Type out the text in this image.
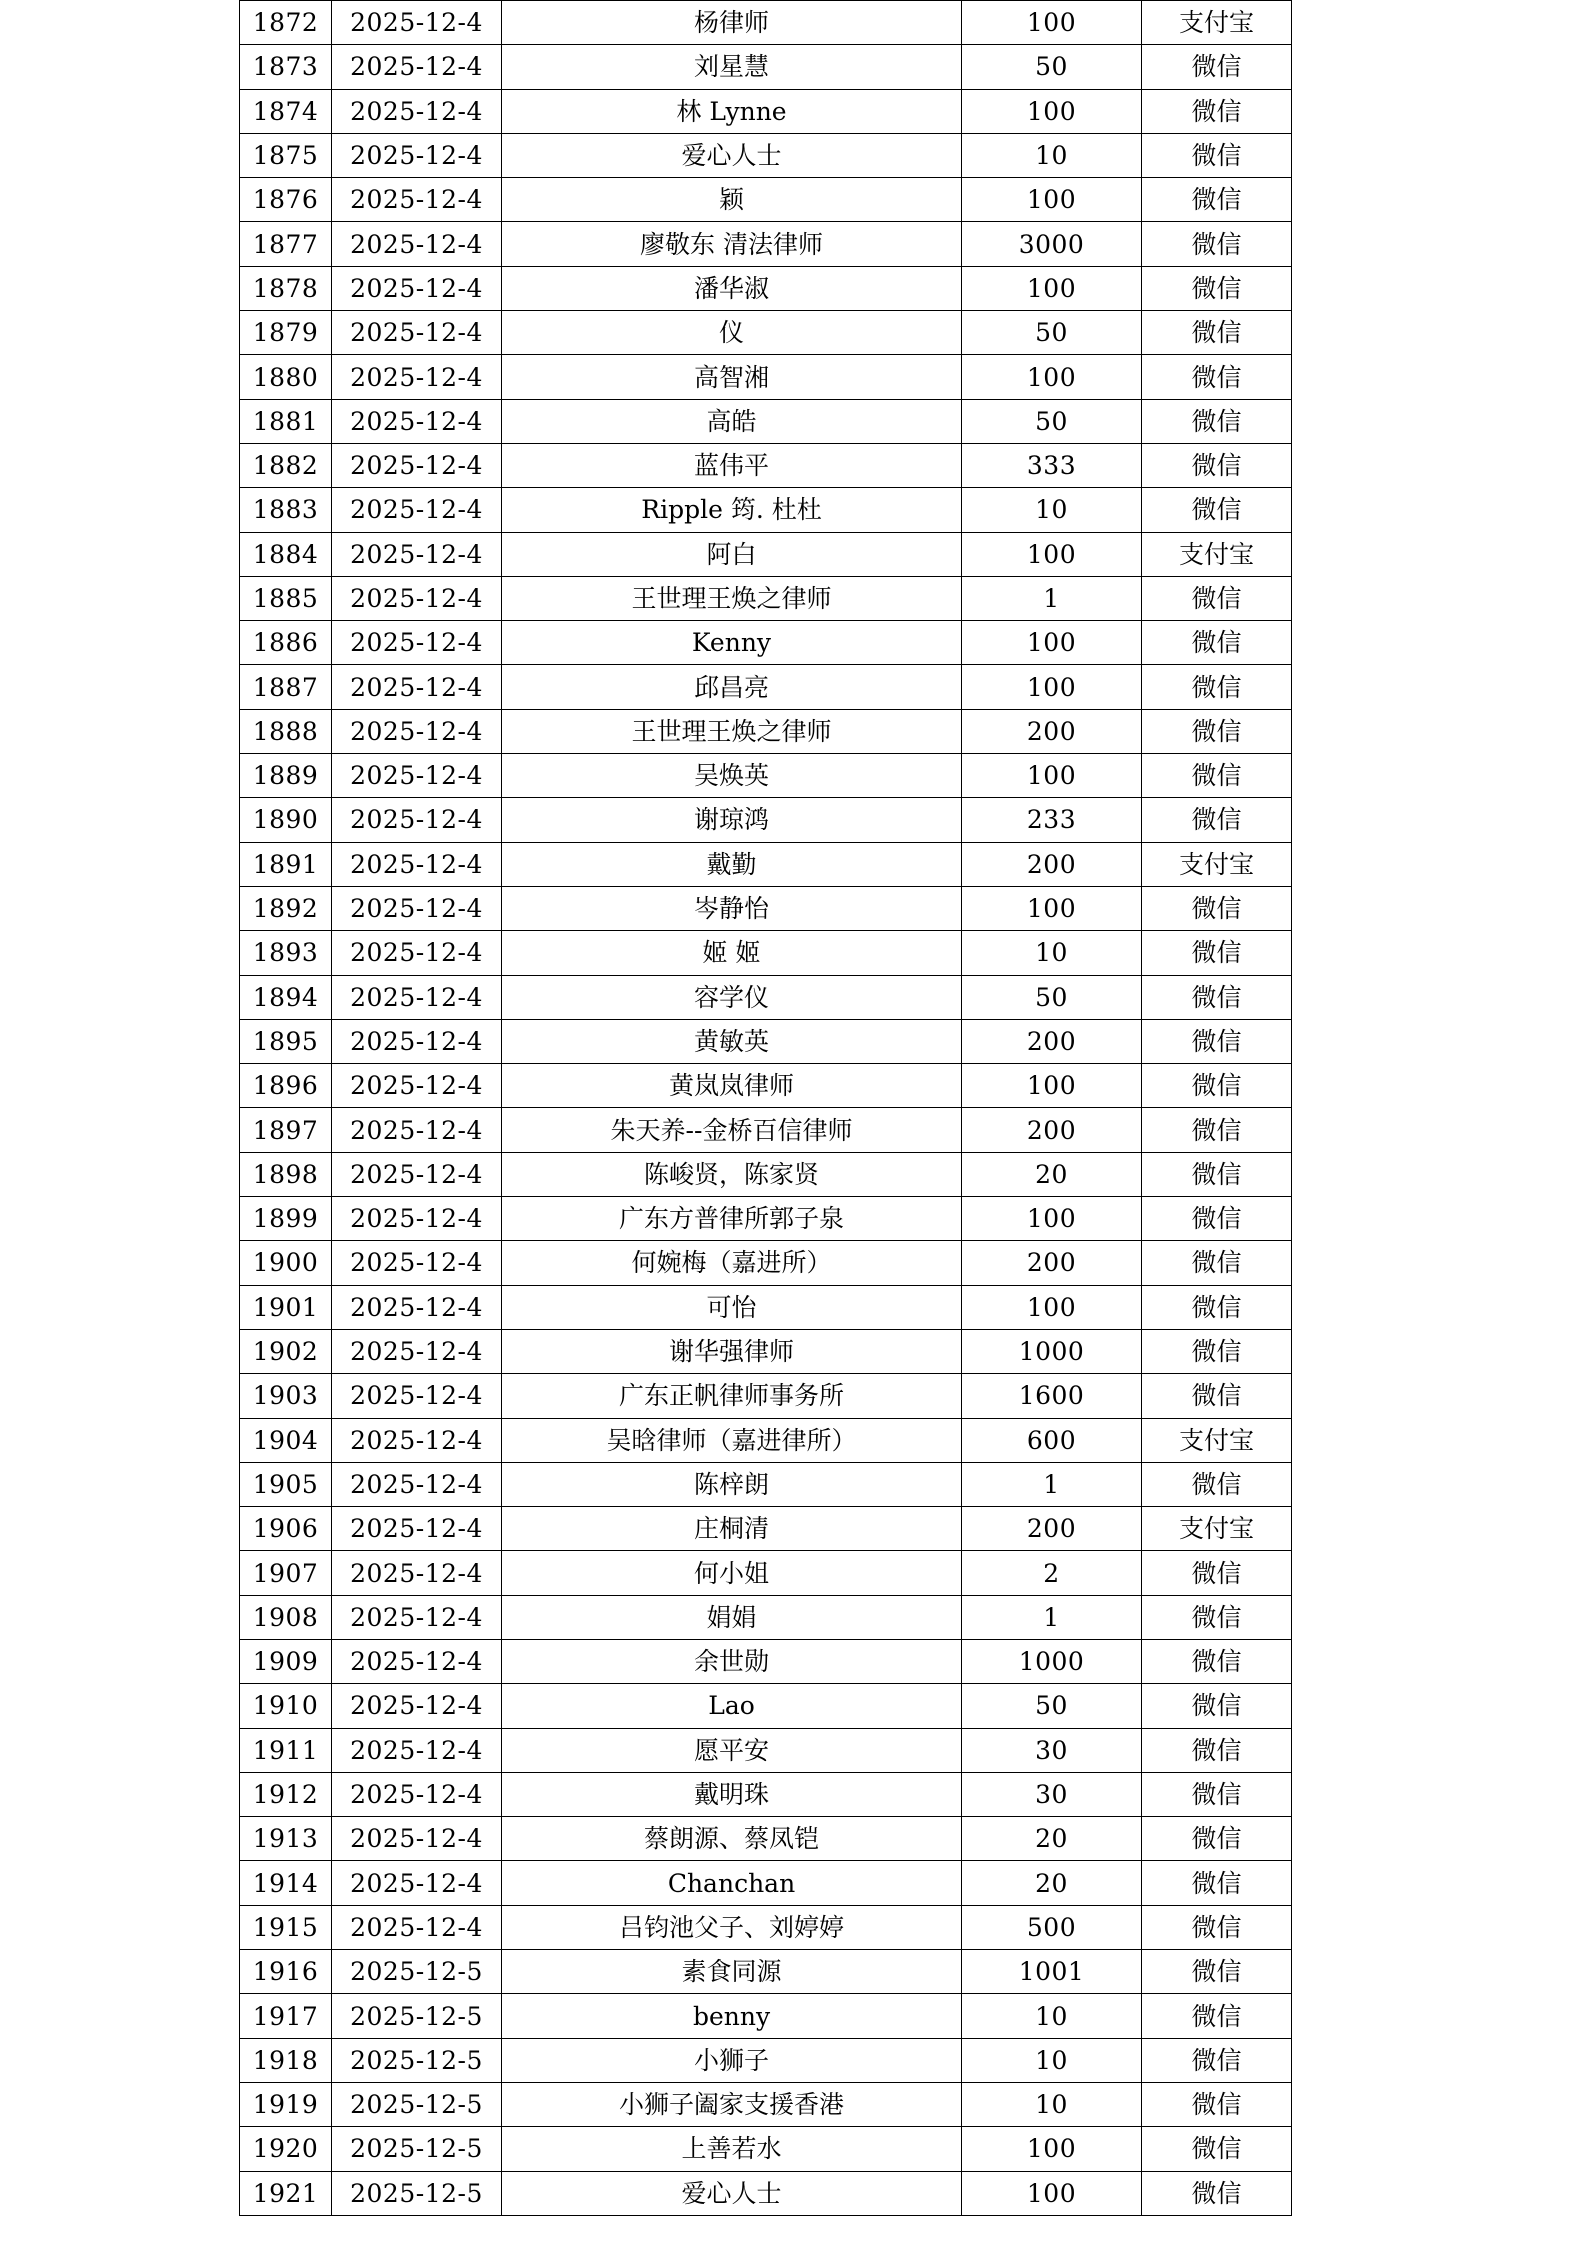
1872	2025-12-4	杨律师	100	支付宝
1873	2025-12-4	刘星慧	50	微信
1874	2025-12-4	林 Lynne	100	微信
1875	2025-12-4	爱心人士	10	微信
1876	2025-12-4	颖	100	微信
1877	2025-12-4	廖敬东 清法律师	3000	微信
1878	2025-12-4	潘华淑	100	微信
1879	2025-12-4	仪	50	微信
1880	2025-12-4	高智湘	100	微信
1881	2025-12-4	高皓	50	微信
1882	2025-12-4	蓝伟平	333	微信
1883	2025-12-4	Ripple 筠. 杜杜	10	微信
1884	2025-12-4	阿白	100	支付宝
1885	2025-12-4	王世理王焕之律师	1	微信
1886	2025-12-4	Kenny	100	微信
1887	2025-12-4	邱昌亮	100	微信
1888	2025-12-4	王世理王焕之律师	200	微信
1889	2025-12-4	吴焕英	100	微信
1890	2025-12-4	谢琼鸿	233	微信
1891	2025-12-4	戴勤	200	支付宝
1892	2025-12-4	岑静怡	100	微信
1893	2025-12-4	姬 姬	10	微信
1894	2025-12-4	容学仪	50	微信
1895	2025-12-4	黄敏英	200	微信
1896	2025-12-4	黄岚岚律师	100	微信
1897	2025-12-4	朱天养--金桥百信律师	200	微信
1898	2025-12-4	陈峻贤，陈家贤	20	微信
1899	2025-12-4	广东方普律所郭子泉	100	微信
1900	2025-12-4	何婉梅（嘉进所）	200	微信
1901	2025-12-4	可怡	100	微信
1902	2025-12-4	谢华强律师	1000	微信
1903	2025-12-4	广东正帆律师事务所	1600	微信
1904	2025-12-4	吴晗律师（嘉进律所）	600	支付宝
1905	2025-12-4	陈梓朗	1	微信
1906	2025-12-4	庄桐清	200	支付宝
1907	2025-12-4	何小姐	2	微信
1908	2025-12-4	娟娟	1	微信
1909	2025-12-4	余世勋	1000	微信
1910	2025-12-4	Lao	50	微信
1911	2025-12-4	愿平安	30	微信
1912	2025-12-4	戴明珠	30	微信
1913	2025-12-4	蔡朗源、蔡凤铠	20	微信
1914	2025-12-4	Chanchan	20	微信
1915	2025-12-4	吕钧池父子、刘婷婷	500	微信
1916	2025-12-5	素食同源	1001	微信
1917	2025-12-5	benny	10	微信
1918	2025-12-5	小狮子	10	微信
1919	2025-12-5	小狮子阖家支援香港	10	微信
1920	2025-12-5	上善若水	100	微信
1921	2025-12-5	爱心人士	100	微信
